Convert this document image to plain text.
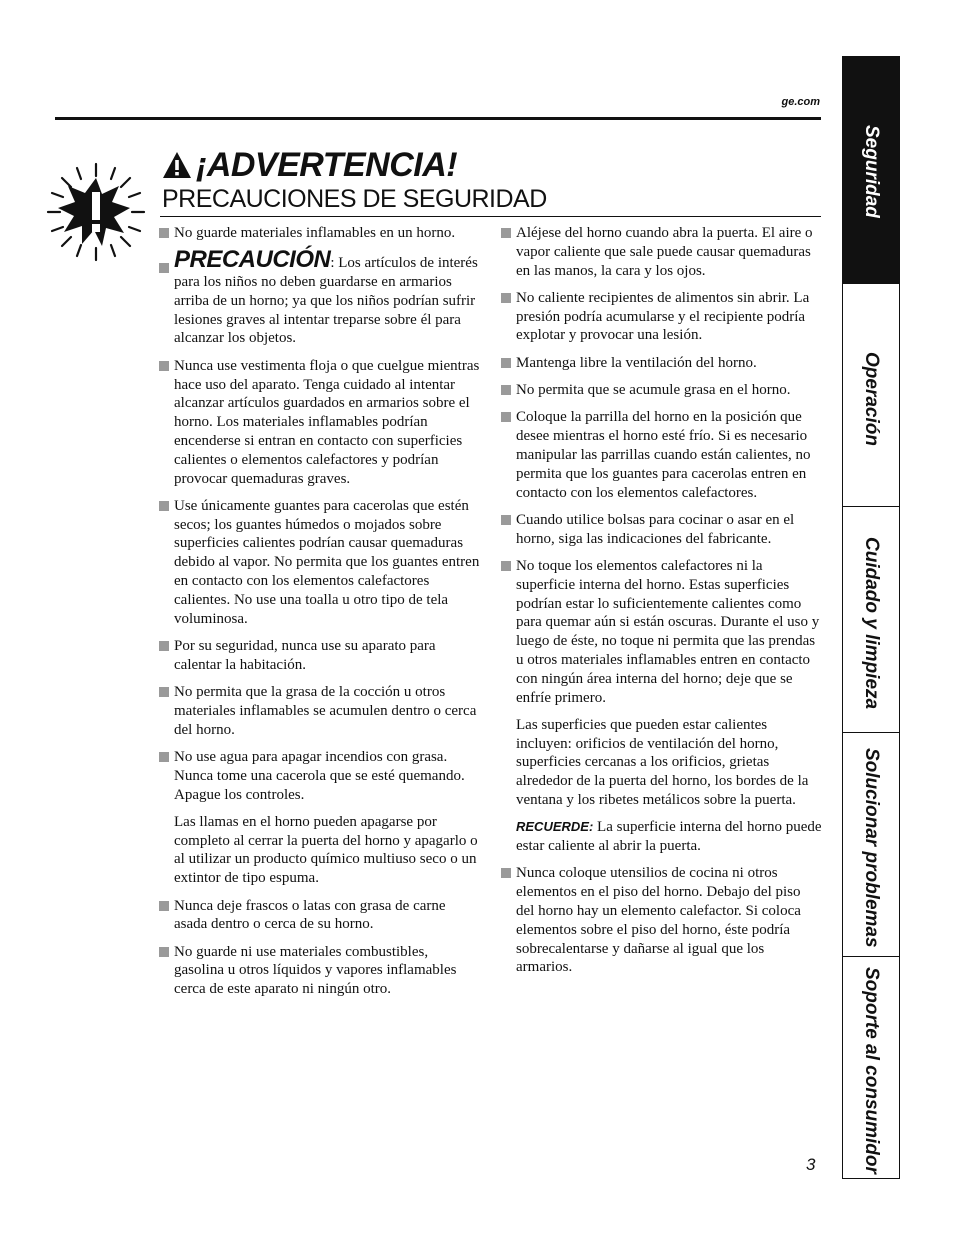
ge.com
¡ADVERTENCIA!
PRECAUCIONES DE SEGURIDAD
No guarde materiales inflamables en un horno.
PRECAUCIÓN: Los artículos de interés para los niños no deben guardarse en armarios arriba de un horno; ya que los niños podrían sufrir lesiones graves al intentar treparse sobre él para alcanzar los objetos.
Nunca use vestimenta floja o que cuelgue mientras hace uso del aparato. Tenga cuidado al intentar alcanzar artículos guardados en armarios sobre el horno. Los materiales inflamables podrían encenderse si entran en contacto con superficies calientes o elementos calefactores y podrían provocar quemaduras graves.
Use únicamente guantes para cacerolas que estén secos; los guantes húmedos o mojados sobre superficies calientes podrían causar quemaduras debido al vapor. No permita que los guantes entren en contacto con los elementos calefactores calientes. No use una toalla u otro tipo de tela voluminosa.
Por su seguridad, nunca use su aparato para calentar la habitación.
No permita que la grasa de la cocción u otros materiales inflamables se acumulen dentro o cerca del horno.
No use agua para apagar incendios con grasa. Nunca tome una cacerola que se esté quemando. Apague los controles.
Las llamas en el horno pueden apagarse por completo al cerrar la puerta del horno y apagarlo o al utilizar un producto químico multiuso seco o un extintor de tipo espuma.
Nunca deje frascos o latas con grasa de carne asada dentro o cerca de su horno.
No guarde ni use materiales combustibles, gasolina u otros líquidos y vapores inflamables cerca de este aparato ni ningún otro.
Aléjese del horno cuando abra la puerta. El aire o vapor caliente que sale puede causar quemaduras en las manos, la cara y los ojos.
No caliente recipientes de alimentos sin abrir. La presión podría acumularse y el recipiente podría explotar y provocar una lesión.
Mantenga libre la ventilación del horno.
No permita que se acumule grasa en el horno.
Coloque la parrilla del horno en la posición que desee mientras el horno esté frío. Si es necesario manipular las parrillas cuando están calientes, no permita que los guantes para cacerolas entren en contacto con los elementos calefactores.
Cuando utilice bolsas para cocinar o asar en el horno, siga las indicaciones del fabricante.
No toque los elementos calefactores ni la superficie interna del horno. Estas superficies podrían estar lo suficientemente calientes como para quemar aún si están oscuras. Durante el uso y luego de éste, no toque ni permita que las prendas u otros materiales inflamables entren en contacto con ningún área interna del horno; deje que se enfríe primero.
Las superficies que pueden estar calientes incluyen: orificios de ventilación del horno, superficies cercanas a los orificios, grietas alrededor de la puerta del horno, los bordes de la ventana y los ribetes metálicos sobre la puerta.
RECUERDE: La superficie interna del horno puede estar caliente al abrir la puerta.
Nunca coloque utensilios de cocina ni otros elementos en el piso del horno. Debajo del piso del horno hay un elemento calefactor. Si coloca elementos sobre el piso del horno, éste podría sobrecalentarse y dañarse al igual que los armarios.
Seguridad
Operación
Cuidado y limpieza
Solucionar problemas
Soporte al consumidor
3
